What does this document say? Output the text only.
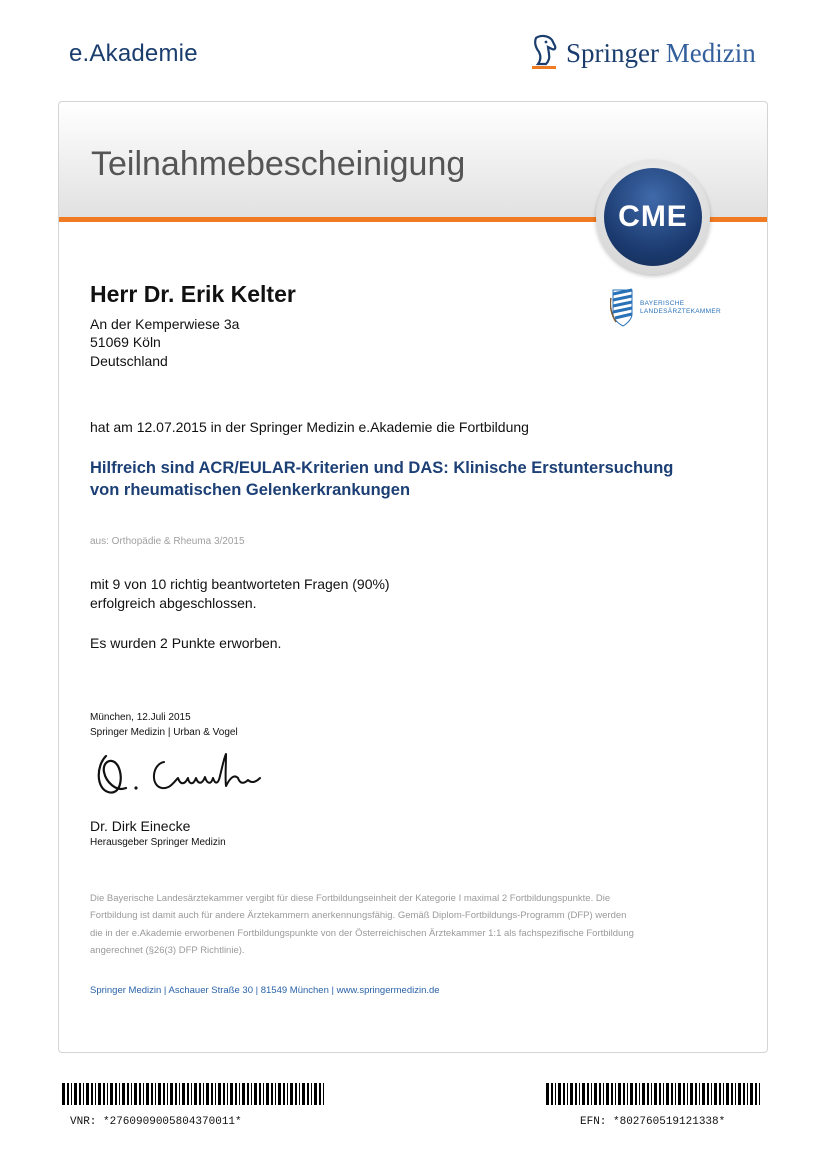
e.Akademie	Springer Medizin
Teilnahmebescheinigung
CME
BAYERISCHE
LANDESÄRZTEKAMMER
Herr Dr. Erik Kelter
An der Kemperwiese 3a
51069 Köln
Deutschland
hat am 12.07.2015 in der Springer Medizin e.Akademie die Fortbildung
Hilfreich sind ACR/EULAR-Kriterien und DAS: Klinische Erstuntersuchung
von rheumatischen Gelenkerkrankungen
aus: Orthopädie & Rheuma 3/2015
mit 9 von 10 richtig beantworteten Fragen (90%)
erfolgreich abgeschlossen.
Es wurden 2 Punkte erworben.
München, 12.Juli 2015
Springer Medizin | Urban & Vogel
Dr. Dirk Einecke
Herausgeber Springer Medizin
Die Bayerische Landesärztekammer vergibt für diese Fortbildungseinheit der Kategorie I maximal 2 Fortbildungspunkte. Die
Fortbildung ist damit auch für andere Ärztekammern anerkennungsfähig. Gemäß Diplom-Fortbildungs-Programm (DFP) werden
die in der e.Akademie erworbenen Fortbildungspunkte von der Österreichischen Ärztekammer 1:1 als fachspezifische Fortbildung
angerechnet (§26(3) DFP Richtlinie).
Springer Medizin | Aschauer Straße 30 | 81549 München | www.springermedizin.de
VNR: *2760909005804370011*	EFN: *802760519121338*
